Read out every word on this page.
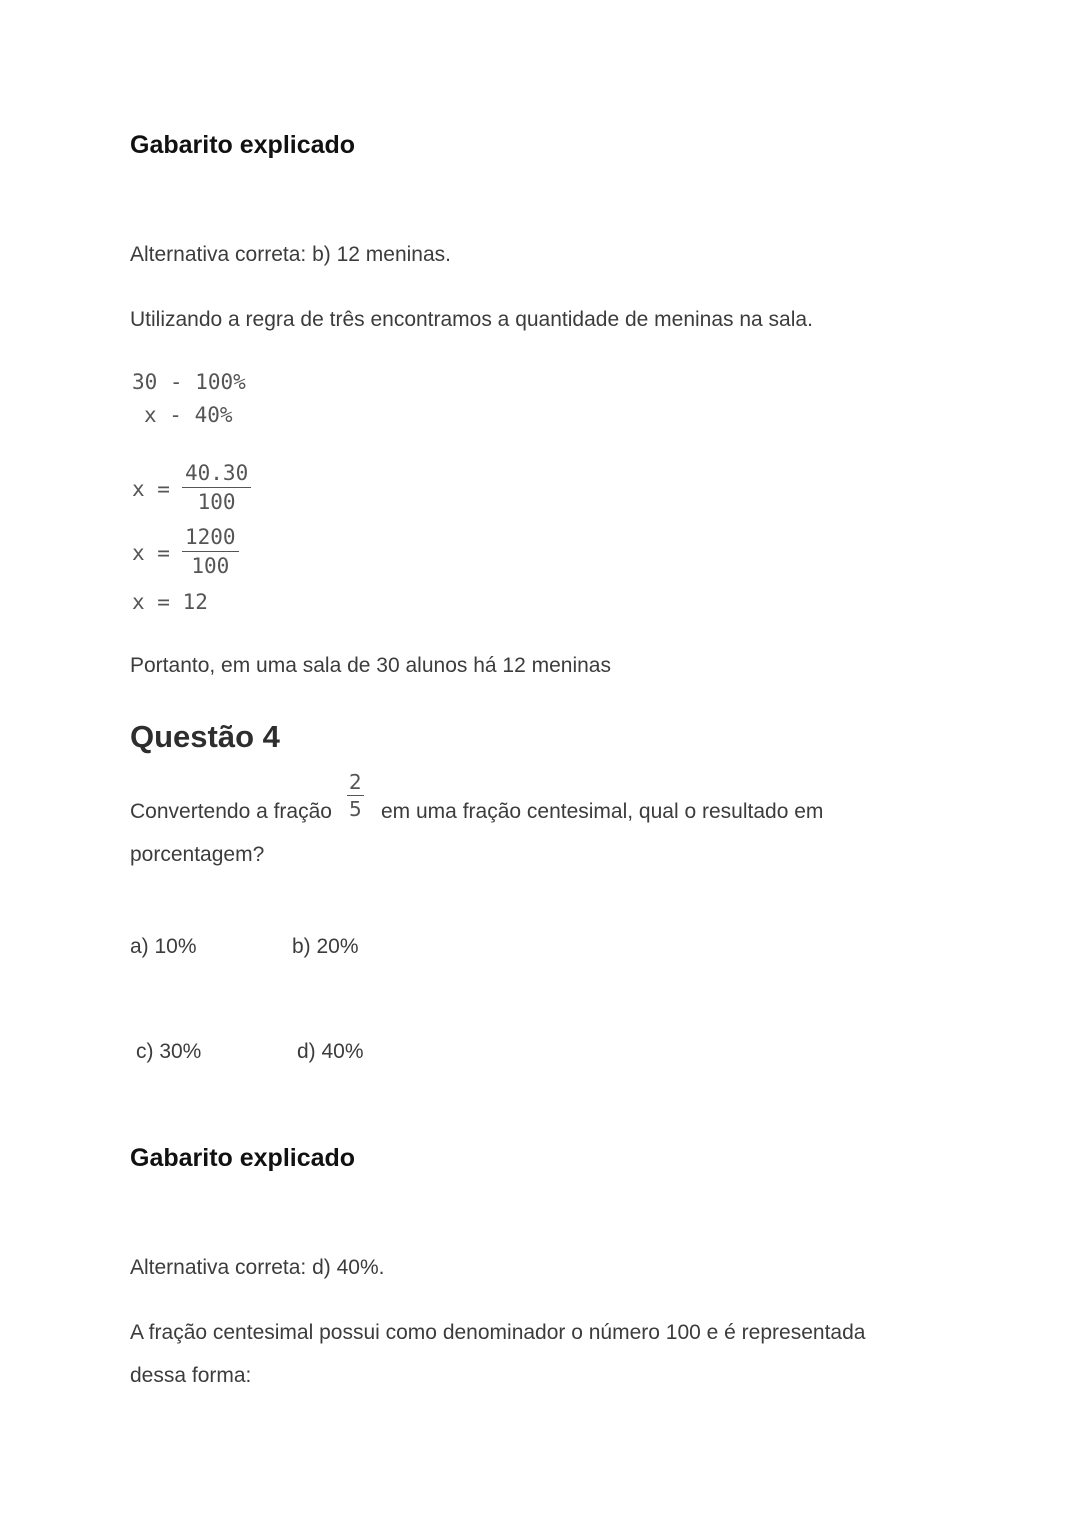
Gabarito explicado
Alternativa correta: b) 12 meninas.
Utilizando a regra de três encontramos a quantidade de meninas na sala.
30 - 100%
x - 40%
x =
40.30
100
x =
1200
100
x = 12
Portanto, em uma sala de 30 alunos há 12 meninas
Questão 4
Convertendo a fração
2
5 em uma fração centesimal, qual o resultado em
porcentagem?
a) 10%	b) 20%
c) 30%	d) 40%
Gabarito explicado
Alternativa correta: d) 40%.
A fração centesimal possui como denominador o número 100 e é representada
dessa forma:
